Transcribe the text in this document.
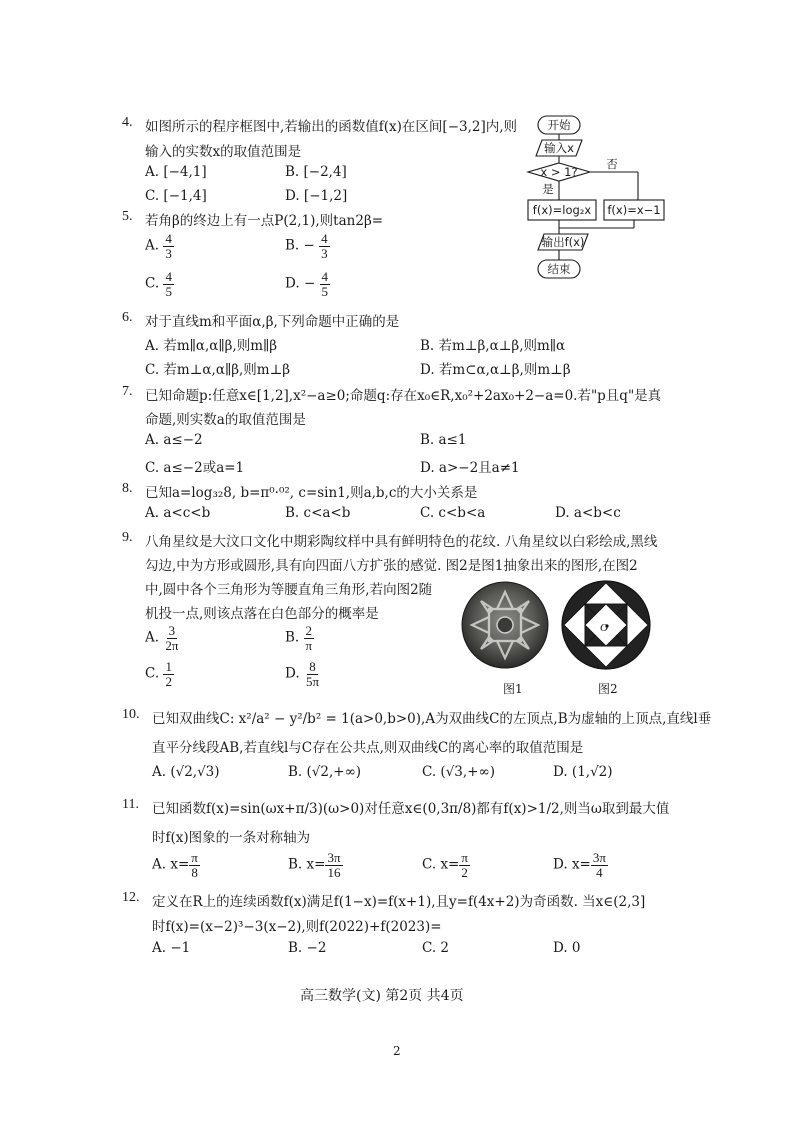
4. 如图所示的程序框图中,若输出的函数值f(x)在区间[−3,2]内,则
输入的实数x的取值范围是
A. [−4,1]	B. [−2,4]
C. [−1,4]	D. [−1,2]
开始
输入x
x > 1?
否
是
f(x)=log₂x f(x)=x−1
输出f(x)
结束
5. 若角β的终边上有一点P(2,1),则tan2β=
A. $\frac{4}{3}$	B. − $\frac{4}{3}$
C. $\frac{4}{5}$	D. − $\frac{4}{5}$
6. 对于直线m和平面α,β,下列命题中正确的是
A. 若m∥α,α∥β,则m∥β	B. 若m⊥β,α⊥β,则m∥α
C. 若m⊥α,α∥β,则m⊥β	D. 若m⊂α,α⊥β,则m⊥β
7. 已知命题p:任意x∈[1,2],x²−a≥0;命题q:存在x₀∈R,x₀²+2ax₀+2−a=0.若"p且q"是真
命题,则实数a的取值范围是
A. a≤−2	B. a≤1
C. a≤−2或a=1	D. a>−2且a≠1
8. 已知a=log₃₂8, b=π⁰·⁰², c=sin1,则a,b,c的大小关系是
A. a<c<b	B. c<a<b	C. c<b<a	D. a<b<c
9. 八角星纹是大汶口文化中期彩陶纹样中具有鲜明特色的花纹. 八角星纹以白彩绘成,黑线
勾边,中为方形或圆形,具有向四面八方扩张的感觉. 图2是图1抽象出来的图形,在图2
中,圆中各个三角形为等腰直角三角形,若向图2随
机投一点,则该点落在白色部分的概率是
A. $\frac{3}{2\pi}$	B. $\frac{2}{\pi}$
C. $\frac{1}{2}$	D. $\frac{8}{5\pi}$
O
图1	图2
10. 已知双曲线C: x²/a² − y²/b² = 1(a>0,b>0),A为双曲线C的左顶点,B为虚轴的上顶点,直线l垂
直平分线段AB,若直线l与C存在公共点,则双曲线C的离心率的取值范围是
A. (√2,√3)	B. (√2,+∞)	C. (√3,+∞)	D. (1,√2)
11. 已知函数f(x)=sin(ωx+π/3)(ω>0)对任意x∈(0,3π/8)都有f(x)>1/2,则当ω取到最大值
时f(x)图象的一条对称轴为
A. $x= \frac{\pi}{8}$	B. $x= \frac{3\pi}{16}$	C. $x= \frac{\pi}{2}$	D. $x= \frac{3\pi}{4}$
12. 定义在R上的连续函数f(x)满足f(1−x)=f(x+1),且y=f(4x+2)为奇函数. 当x∈(2,3]
时f(x)=(x−2)³−3(x−2),则f(2022)+f(2023)=
A. −1	B. −2	C. 2	D. 0
高三数学(文) 第2页 共4页
2
